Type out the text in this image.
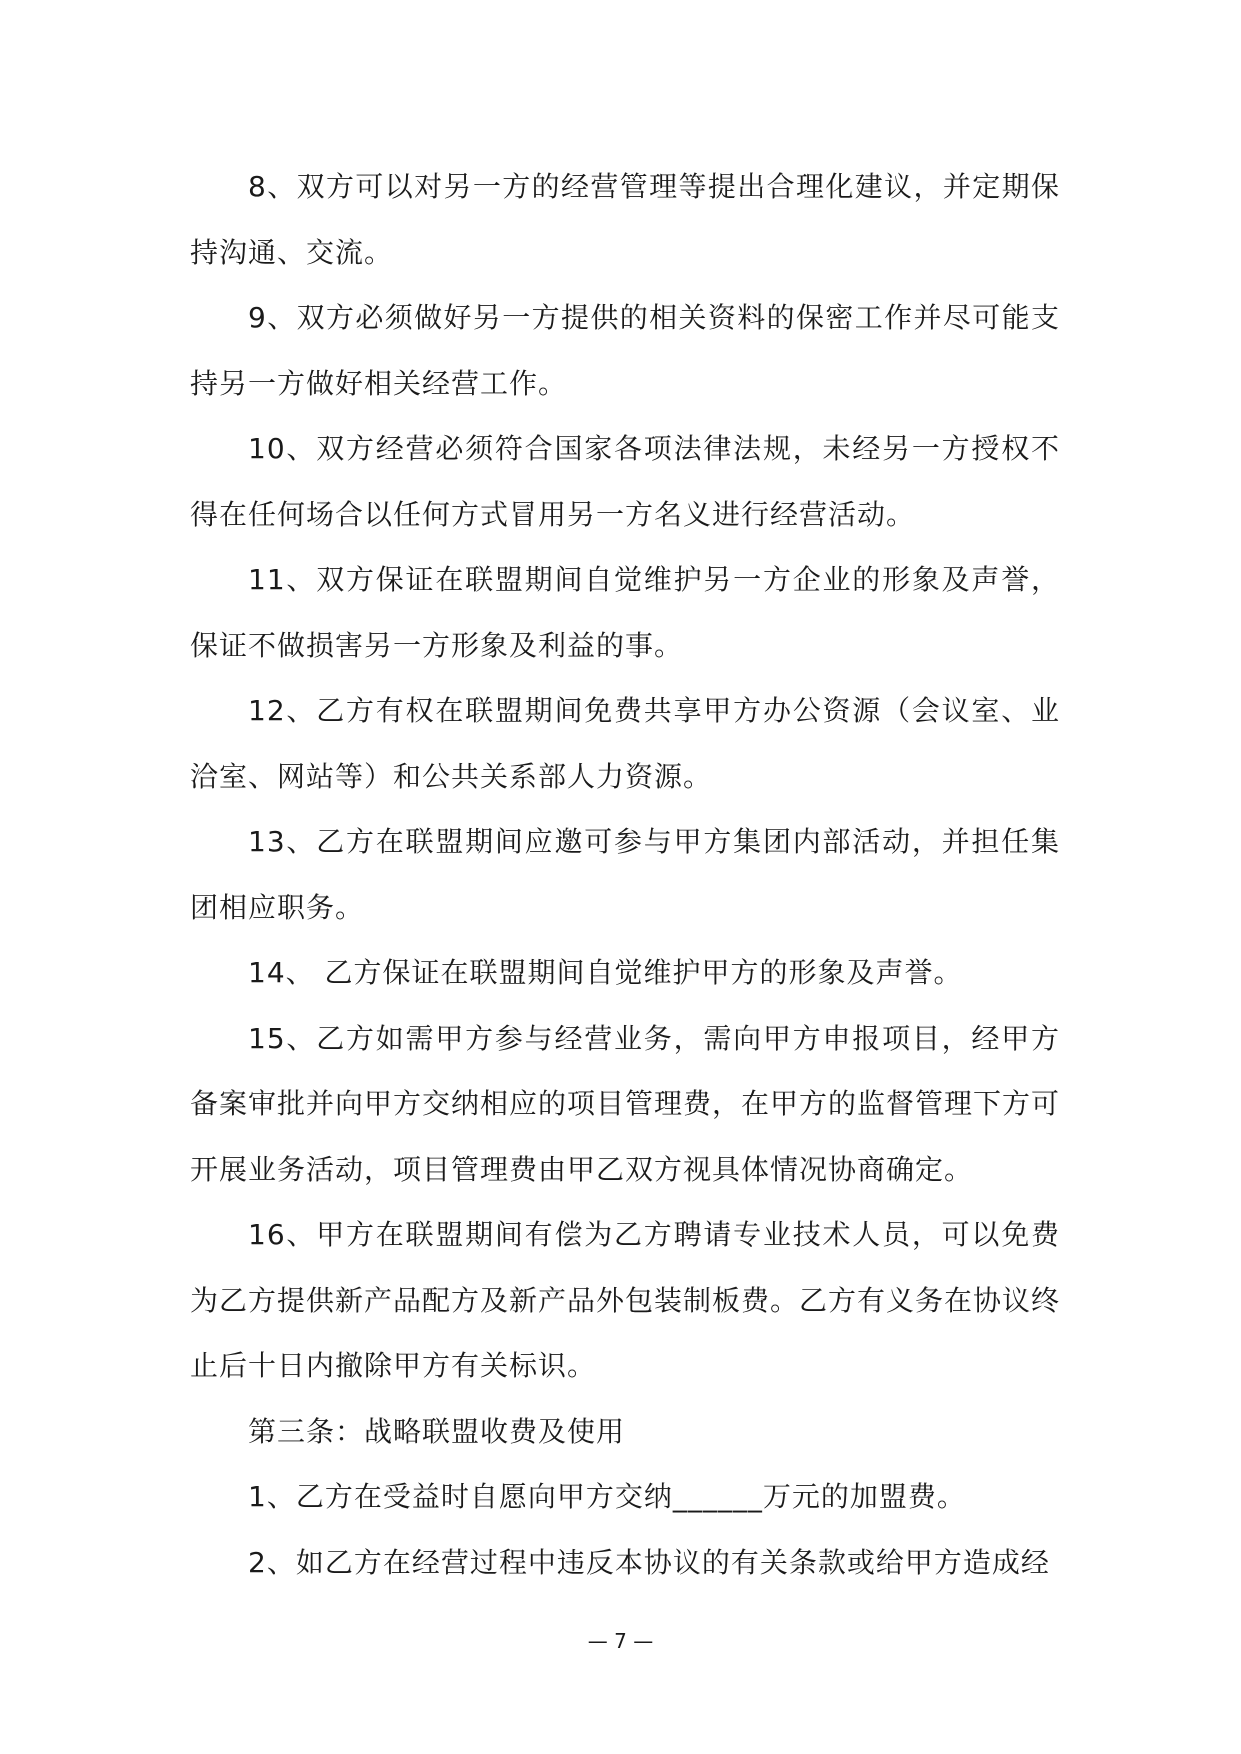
8、双方可以对另一方的经营管理等提出合理化建议，并定期保持沟通、交流。

9、双方必须做好另一方提供的相关资料的保密工作并尽可能支持另一方做好相关经营工作。

10、双方经营必须符合国家各项法律法规，未经另一方授权不得在任何场合以任何方式冒用另一方名义进行经营活动。

11、双方保证在联盟期间自觉维护另一方企业的形象及声誉，保证不做损害另一方形象及利益的事。

12、乙方有权在联盟期间免费共享甲方办公资源（会议室、业洽室、网站等）和公共关系部人力资源。

13、乙方在联盟期间应邀可参与甲方集团内部活动，并担任集团相应职务。

14、 乙方保证在联盟期间自觉维护甲方的形象及声誉。

15、乙方如需甲方参与经营业务，需向甲方申报项目，经甲方备案审批并向甲方交纳相应的项目管理费，在甲方的监督管理下方可开展业务活动，项目管理费由甲乙双方视具体情况协商确定。

16、甲方在联盟期间有偿为乙方聘请专业技术人员，可以免费为乙方提供新产品配方及新产品外包装制板费。乙方有义务在协议终止后十日内撤除甲方有关标识。

第三条：战略联盟收费及使用

1、乙方在受益时自愿向甲方交纳______万元的加盟费。

2、如乙方在经营过程中违反本协议的有关条款或给甲方造成经

— 7 —
